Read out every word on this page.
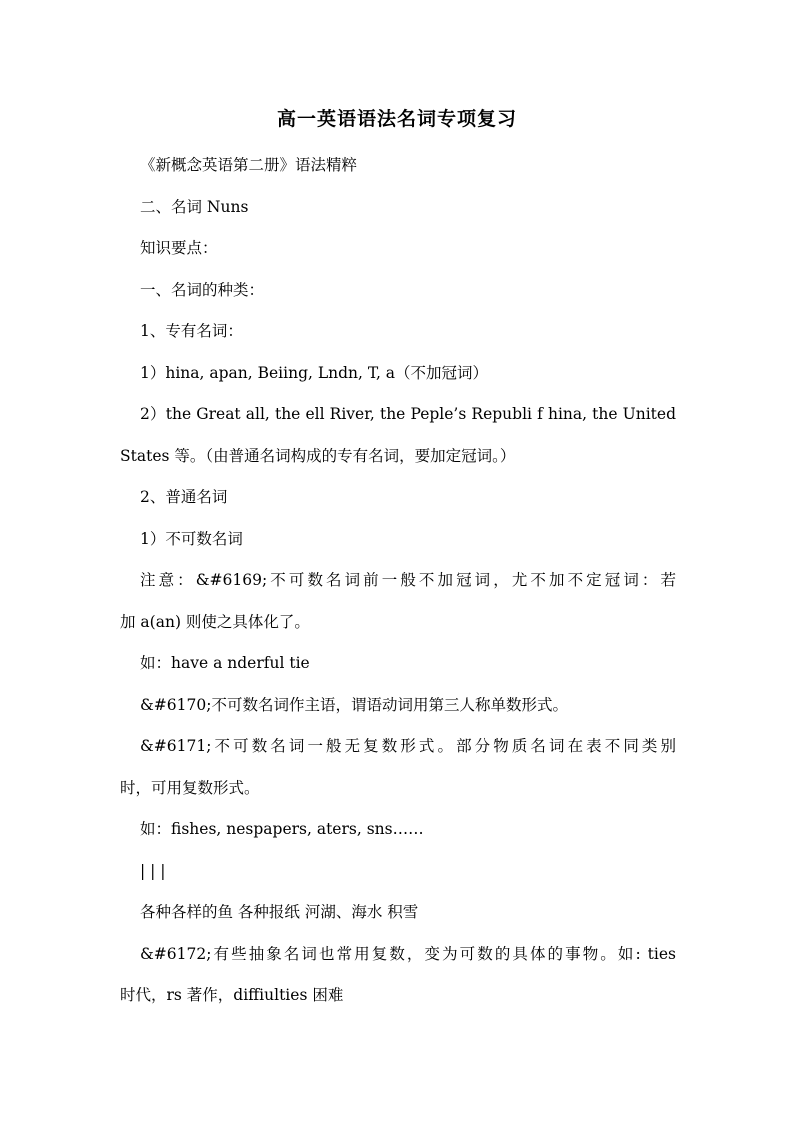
高一英语语法名词专项复习
《新概念英语第二册》语法精粹
二、名词 Nuns
知识要点：
一、名词的种类：
1、专有名词：
1）hina, apan, Beiing, Lndn, T, a（不加冠词）
2）the Great all, the ell River, the Peple’s Republi f hina, the United
States 等。（由普通名词构成的专有名词，要加定冠词。）
2、普通名词
1）不可数名词
注意：&#6169;不可数名词前一般不加冠词，尤不加不定冠词：若
加 a(an) 则使之具体化了。
如：have a nderful tie
&#6170;不可数名词作主语，谓语动词用第三人称单数形式。
&#6171;不可数名词一般无复数形式。部分物质名词在表不同类别
时，可用复数形式。
如：fishes, nespapers, aters, sns……
| | |
各种各样的鱼 各种报纸 河湖、海水 积雪
&#6172;有些抽象名词也常用复数，变为可数的具体的事物。如: ties
时代，rs 著作，diffiulties 困难
